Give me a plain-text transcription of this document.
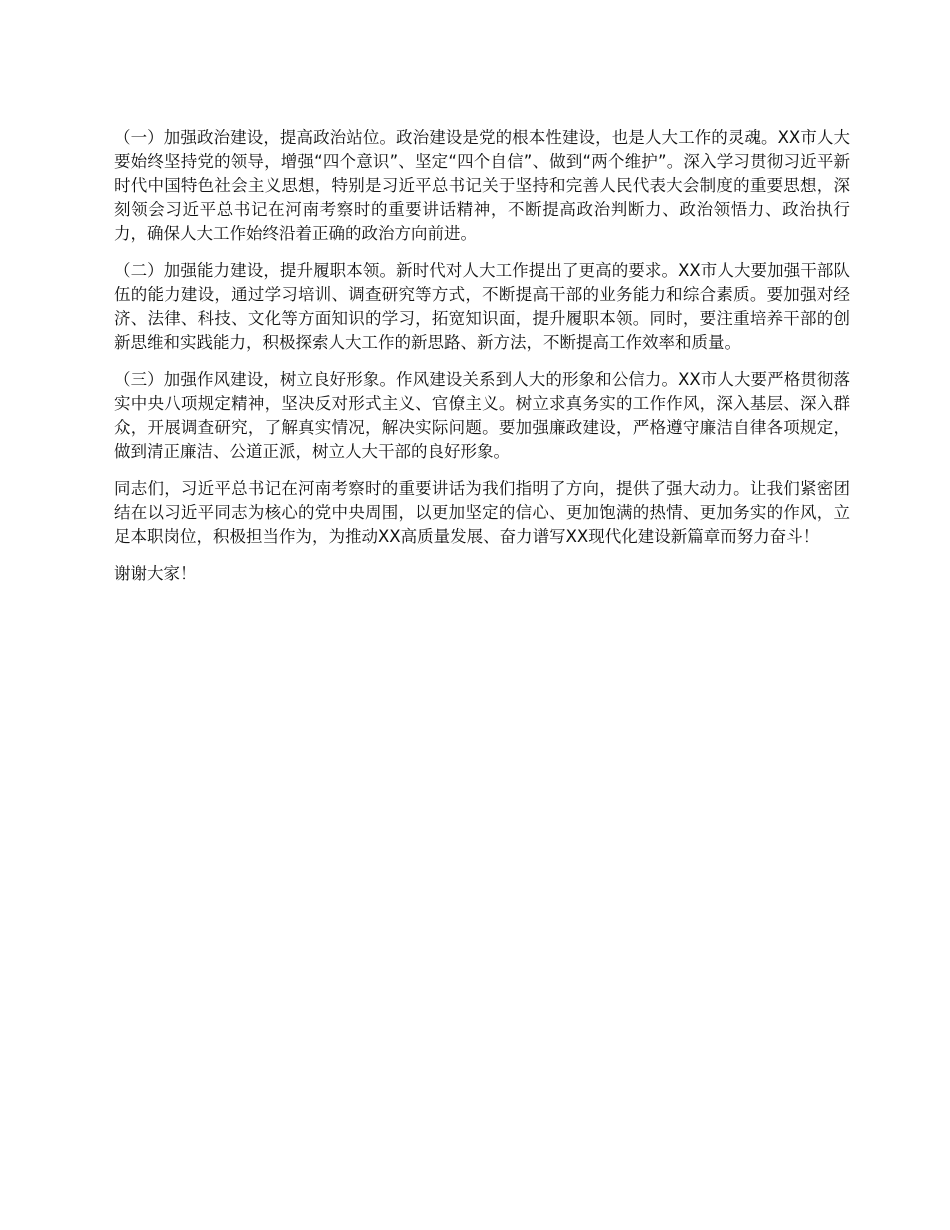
（一）加强政治建设，提高政治站位。政治建设是党的根本性建设，也是人大工作的灵魂。XX市人大要始终坚持党的领导，增强“四个意识”、坚定“四个自信”、做到“两个维护”。深入学习贯彻习近平新时代中国特色社会主义思想，特别是习近平总书记关于坚持和完善人民代表大会制度的重要思想，深刻领会习近平总书记在河南考察时的重要讲话精神，不断提高政治判断力、政治领悟力、政治执行力，确保人大工作始终沿着正确的政治方向前进。

（二）加强能力建设，提升履职本领。新时代对人大工作提出了更高的要求。XX市人大要加强干部队伍的能力建设，通过学习培训、调查研究等方式，不断提高干部的业务能力和综合素质。要加强对经济、法律、科技、文化等方面知识的学习，拓宽知识面，提升履职本领。同时，要注重培养干部的创新思维和实践能力，积极探索人大工作的新思路、新方法，不断提高工作效率和质量。

（三）加强作风建设，树立良好形象。作风建设关系到人大的形象和公信力。XX市人大要严格贯彻落实中央八项规定精神，坚决反对形式主义、官僚主义。树立求真务实的工作作风，深入基层、深入群众，开展调查研究，了解真实情况，解决实际问题。要加强廉政建设，严格遵守廉洁自律各项规定，做到清正廉洁、公道正派，树立人大干部的良好形象。

同志们，习近平总书记在河南考察时的重要讲话为我们指明了方向，提供了强大动力。让我们紧密团结在以习近平同志为核心的党中央周围，以更加坚定的信心、更加饱满的热情、更加务实的作风，立足本职岗位，积极担当作为，为推动XX高质量发展、奋力谱写XX现代化建设新篇章而努力奋斗！

谢谢大家！
